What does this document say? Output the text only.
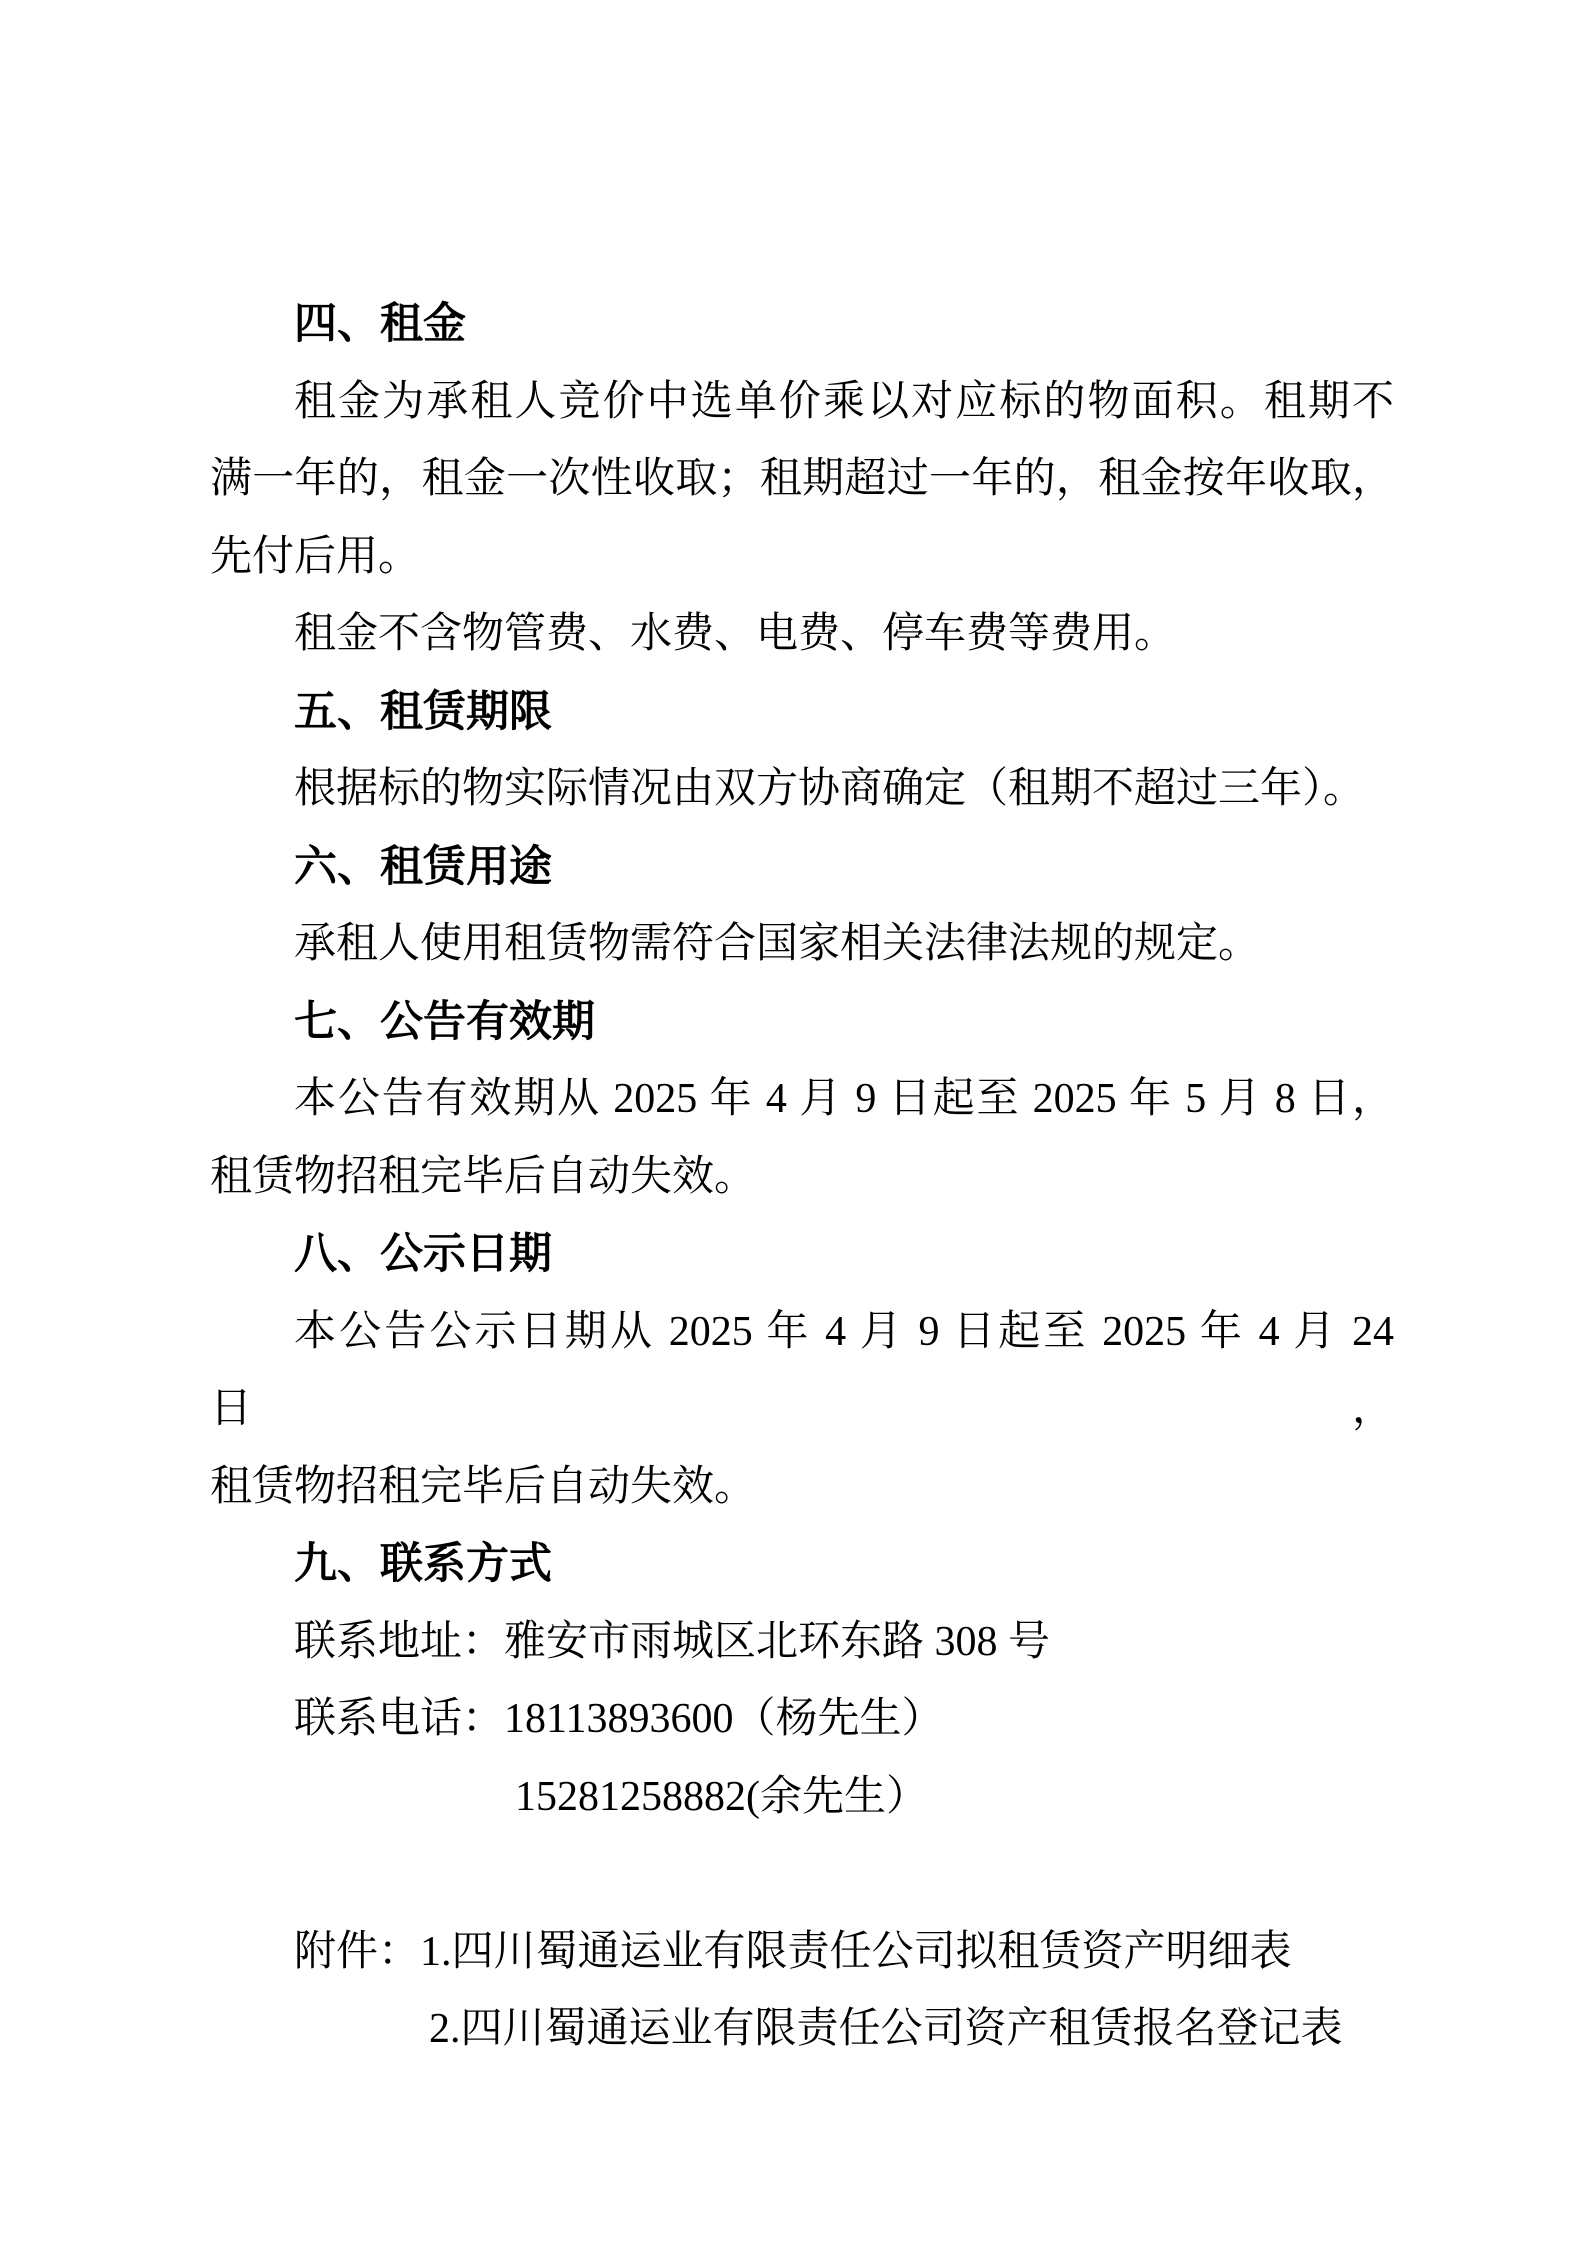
四、租金
租金为承租人竞价中选单价乘以对应标的物面积。租期不
满一年的，租金一次性收取；租期超过一年的，租金按年收取，
先付后用。
租金不含物管费、水费、电费、停车费等费用。
五、租赁期限
根据标的物实际情况由双方协商确定（租期不超过三年）。
六、租赁用途
承租人使用租赁物需符合国家相关法律法规的规定。
七、公告有效期
本公告有效期从 2025 年 4 月 9 日起至 2025 年 5 月 8 日，
租赁物招租完毕后自动失效。
八、公示日期
本公告公示日期从 2025 年 4 月 9 日起至 2025 年 4 月 24 日，
租赁物招租完毕后自动失效。
九、联系方式
联系地址：雅安市雨城区北环东路 308 号
联系电话：18113893600（杨先生）
15281258882(余先生）
附件：1.四川蜀通运业有限责任公司拟租赁资产明细表
2.四川蜀通运业有限责任公司资产租赁报名登记表
